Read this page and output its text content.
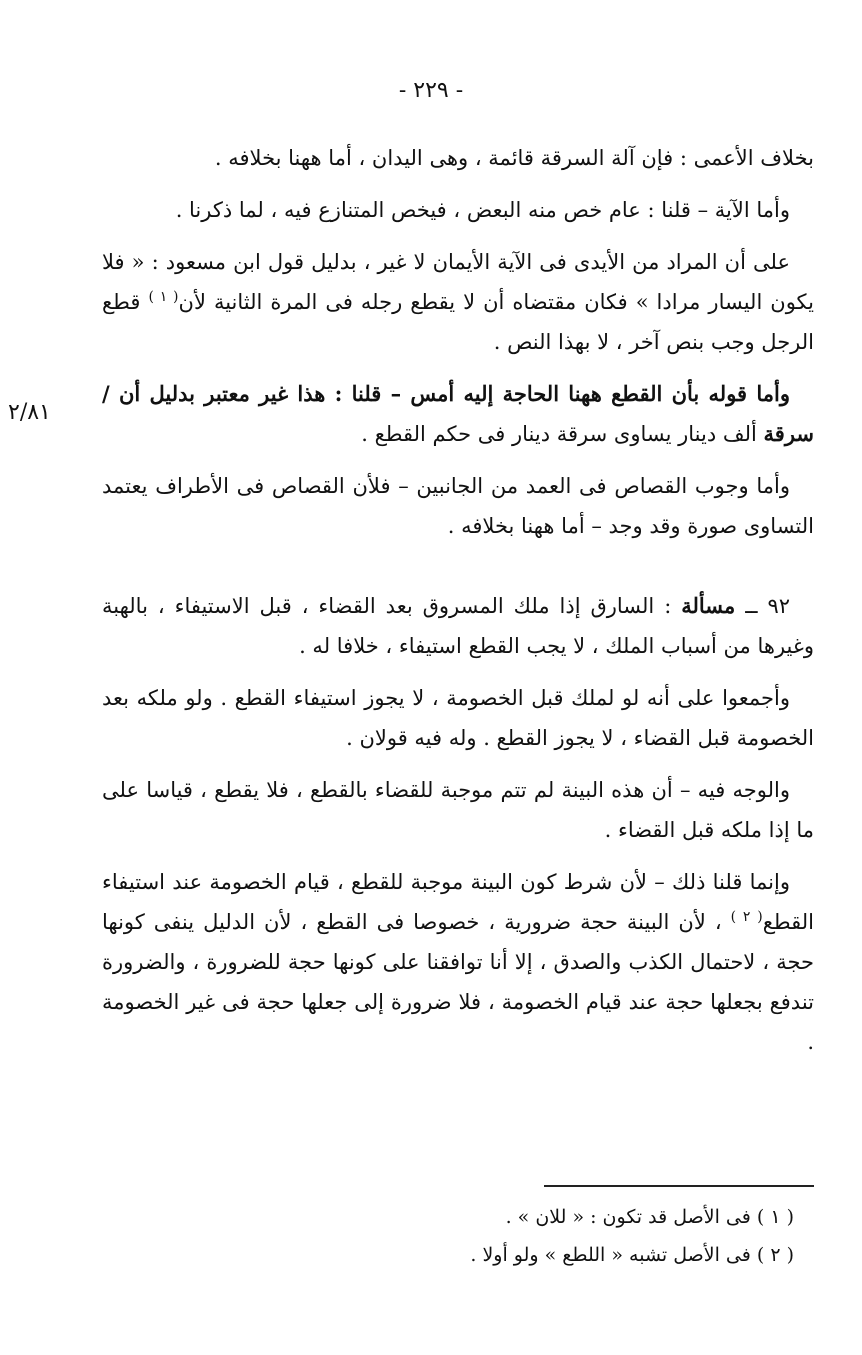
- ٢٢٩ -
٢/٨١

بخلاف الأعمى : فإن آلة السرقة قائمة ، وهى اليدان ، أما ههنا بخلافه .

وأما الآية – قلنا : عام خص منه البعض ، فيخص المتنازع فيه ، لما ذكرنا .

على أن المراد من الأيدى فى الآية الأيمان لا غير ، بدليل قول ابن مسعود : « فلا يكون اليسار مرادا » فكان مقتضاه أن لا يقطع رجله فى المرة الثانية لأن$^{( ١ )}$ قطع الرجل وجب بنص آخر ، لا بهذا النص .

وأما قوله بأن القطع ههنا الحاجة إليه أمس – قلنا : هذا غير معتبر بدليل أن / سرقة ألف دينار يساوى سرقة دينار فى حكم القطع .

وأما وجوب القصاص فى العمد من الجانبين – فلأن القصاص فى الأطراف يعتمد التساوى صورة وقد وجد – أما ههنا بخلافه .

٩٢ ــ مسألة : السارق إذا ملك المسروق بعد القضاء ، قبل الاستيفاء ، بالهبة وغيرها من أسباب الملك ، لا يجب القطع استيفاء ، خلافا له .

وأجمعوا على أنه لو لملك قبل الخصومة ، لا يجوز استيفاء القطع . ولو ملكه بعد الخصومة قبل القضاء ، لا يجوز القطع . وله فيه قولان .

والوجه فيه – أن هذه البينة لم تتم موجبة للقضاء بالقطع ، فلا يقطع ، قياسا على ما إذا ملكه قبل القضاء .

وإنما قلنا ذلك – لأن شرط كون البينة موجبة للقطع ، قيام الخصومة عند استيفاء القطع$^{( ٢ )}$ ، لأن البينة حجة ضرورية ، خصوصا فى القطع ، لأن الدليل ينفى كونها حجة ، لاحتمال الكذب والصدق ، إلا أنا توافقنا على كونها حجة للضرورة ، والضرورة تندفع بجعلها حجة عند قيام الخصومة ، فلا ضرورة إلى جعلها حجة فى غير الخصومة .

( ١ ) فى الأصل قد تكون : « للان » .

( ٢ ) فى الأصل تشبه « اللطع » ولو أولا .
